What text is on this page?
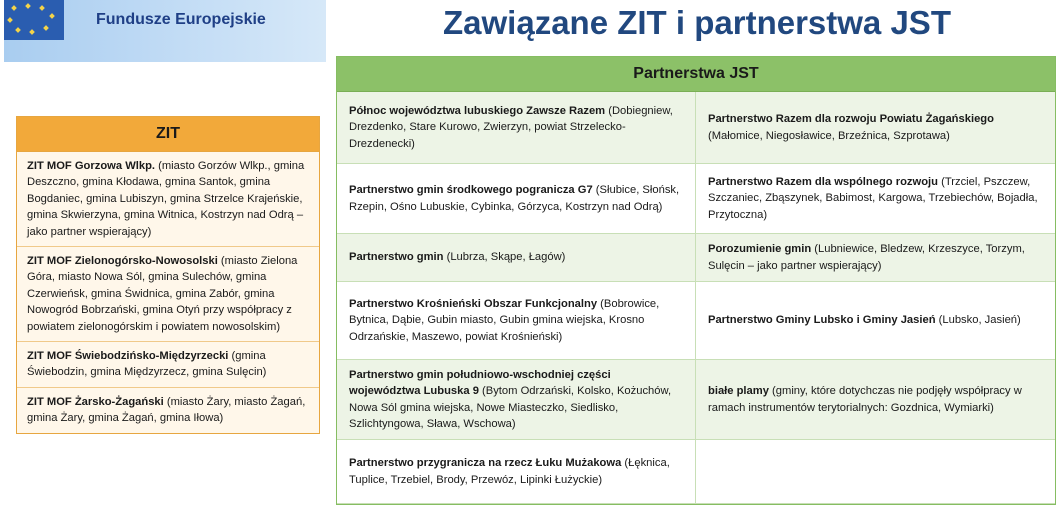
Fundusze Europejskie	Zawiązane ZIT i partnerstwa JST
ZIT
ZIT MOF Gorzowa Wlkp. (miasto Gorzów Wlkp., gmina Deszczno, gmina Kłodawa, gmina Santok, gmina Bogdaniec, gmina Lubiszyn, gmina Strzelce Krajeńskie, gmina Skwierzyna, gmina Witnica, Kostrzyn nad Odrą – jako partner wspierający)
ZIT MOF Zielonogórsko-Nowosolski (miasto Zielona Góra, miasto Nowa Sól, gmina Sulechów, gmina Czerwieńsk, gmina Świdnica, gmina Zabór, gmina Nowogród Bobrzański, gmina Otyń przy współpracy z powiatem zielonogórskim i powiatem nowosolskim)
ZIT MOF Świebodzińsko-Międzyrzecki (gmina Świebodzin, gmina Międzyrzecz, gmina Sulęcin)
ZIT MOF Żarsko-Żagański (miasto Żary, miasto Żagań, gmina Żary, gmina Żagań, gmina Iłowa)
Partnerstwa JST
Północ województwa lubuskiego Zawsze Razem (Dobiegniew, Drezdenko, Stare Kurowo, Zwierzyn, powiat Strzelecko-Drezdenecki)
Partnerstwo Razem dla rozwoju Powiatu Żagańskiego (Małomice, Niegosławice, Brzeźnica, Szprotawa)
Partnerstwo gmin środkowego pogranicza G7 (Słubice, Słońsk, Rzepin, Ośno Lubuskie, Cybinka, Górzyca, Kostrzyn nad Odrą)
Partnerstwo Razem dla wspólnego rozwoju (Trzciel, Pszczew, Szczaniec, Zbąszynek, Babimost, Kargowa, Trzebiechów, Bojadła, Przytoczna)
Partnerstwo gmin (Lubrza, Skąpe, Łagów)
Porozumienie gmin (Lubniewice, Bledzew, Krzeszyce, Torzym, Sulęcin – jako partner wspierający)
Partnerstwo Krośnieński Obszar Funkcjonalny (Bobrowice, Bytnica, Dąbie, Gubin miasto, Gubin gmina wiejska, Krosno Odrzańskie, Maszewo, powiat Krośnieński)
Partnerstwo Gminy Lubsko i Gminy Jasień (Lubsko, Jasień)
Partnerstwo gmin południowo-wschodniej części województwa Lubuska 9 (Bytom Odrzański, Kolsko, Kożuchów, Nowa Sól gmina wiejska, Nowe Miasteczko, Siedlisko, Szlichtyngowa, Sława, Wschowa)
białe plamy (gminy, które dotychczas nie podjęły współpracy w ramach instrumentów terytorialnych: Gozdnica, Wymiarki)
Partnerstwo przygranicza na rzecz Łuku Mużakowa (Łęknica, Tuplice, Trzebiel, Brody, Przewóz, Lipinki Łużyckie)
